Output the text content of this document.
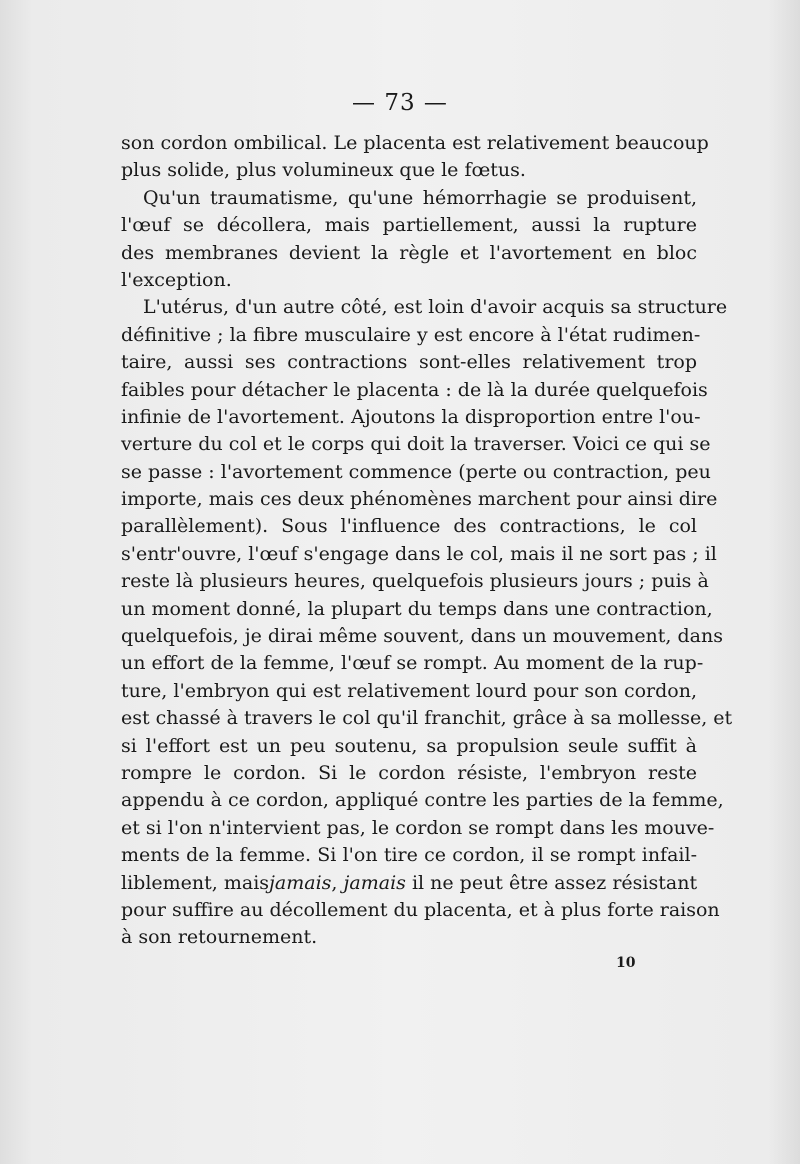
— 73 —
son cordon ombilical. Le placenta est relativement beaucoup
plus solide, plus volumineux que le fœtus.
Qu'un traumatisme, qu'une hémorrhagie se produisent,
l'œuf se décollera, mais partiellement, aussi la rupture
des membranes devient la règle et l'avortement en bloc
l'exception.
L'utérus, d'un autre côté, est loin d'avoir acquis sa structure
définitive ; la fibre musculaire y est encore à l'état rudimen-
taire, aussi ses contractions sont-elles relativement trop
faibles pour détacher le placenta : de là la durée quelquefois
infinie de l'avortement. Ajoutons la disproportion entre l'ou-
verture du col et le corps qui doit la traverser. Voici ce qui se
se passe : l'avortement commence (perte ou contraction, peu
importe, mais ces deux phénomènes marchent pour ainsi dire
parallèlement). Sous l'influence des contractions, le col
s'entr'ouvre, l'œuf s'engage dans le col, mais il ne sort pas ; il
reste là plusieurs heures, quelquefois plusieurs jours ; puis à
un moment donné, la plupart du temps dans une contraction,
quelquefois, je dirai même souvent, dans un mouvement, dans
un effort de la femme, l'œuf se rompt. Au moment de la rup-
ture, l'embryon qui est relativement lourd pour son cordon,
est chassé à travers le col qu'il franchit, grâce à sa mollesse, et
si l'effort est un peu soutenu, sa propulsion seule suffit à
rompre le cordon. Si le cordon résiste, l'embryon reste
appendu à ce cordon, appliqué contre les parties de la femme,
et si l'on n'intervient pas, le cordon se rompt dans les mouve-
ments de la femme. Si l'on tire ce cordon, il se rompt infail-
liblement, maisjamais, jamais il ne peut être assez résistant
pour suffire au décollement du placenta, et à plus forte raison
à son retournement.
10
